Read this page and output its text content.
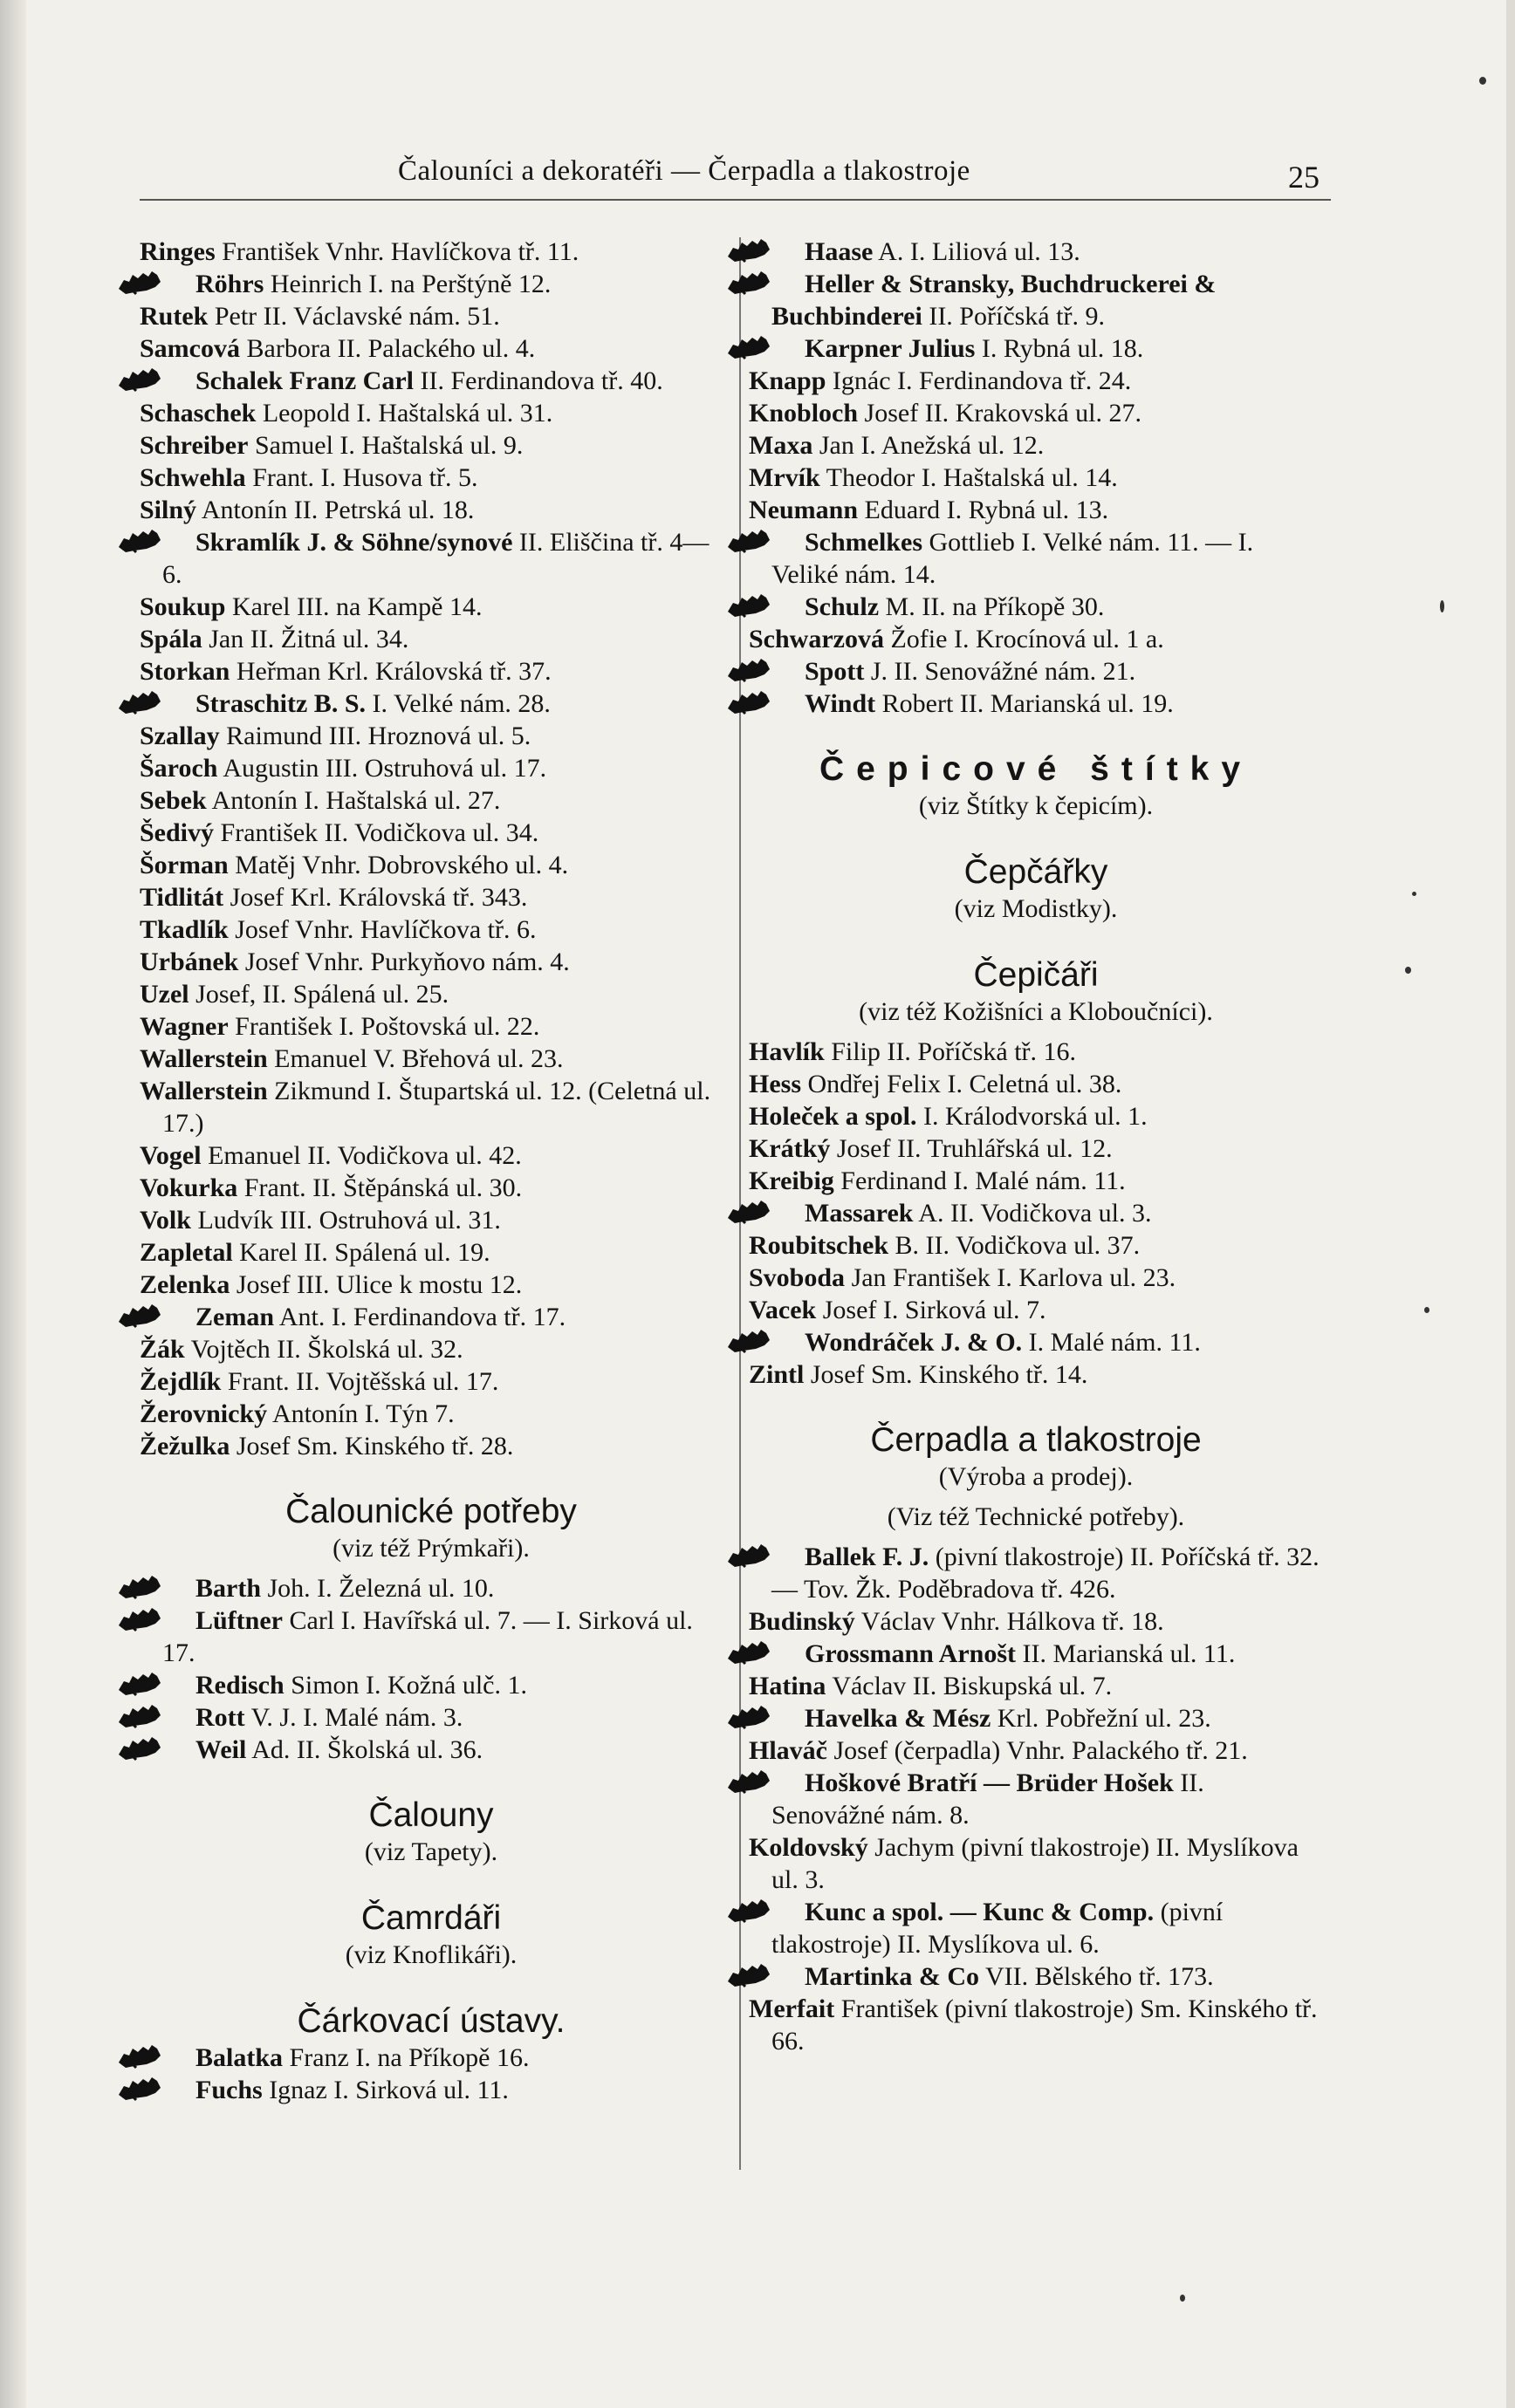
Čalouníci a dekoratéři — Čerpadla a tlakostroje	25
Ringes František Vnhr. Havlíčkova tř. 11.
Röhrs Heinrich I. na Perštýně 12.
Rutek Petr II. Václavské nám. 51.
Samcová Barbora II. Palackého ul. 4.
Schalek Franz Carl II. Ferdinandova tř. 40.
Schaschek Leopold I. Haštalská ul. 31.
Schreiber Samuel I. Haštalská ul. 9.
Schwehla Frant. I. Husova tř. 5.
Silný Antonín II. Petrská ul. 18.
Skramlík J. & Söhne/synové II. Eliščina tř. 4—6.
Soukup Karel III. na Kampě 14.
Spála Jan II. Žitná ul. 34.
Storkan Heřman Krl. Královská tř. 37.
Straschitz B. S. I. Velké nám. 28.
Szallay Raimund III. Hroznová ul. 5.
Šaroch Augustin III. Ostruhová ul. 17.
Sebek Antonín I. Haštalská ul. 27.
Šedivý František II. Vodičkova ul. 34.
Šorman Matěj Vnhr. Dobrovského ul. 4.
Tidlitát Josef Krl. Královská tř. 343.
Tkadlík Josef Vnhr. Havlíčkova tř. 6.
Urbánek Josef Vnhr. Purkyňovo nám. 4.
Uzel Josef, II. Spálená ul. 25.
Wagner František I. Poštovská ul. 22.
Wallerstein Emanuel V. Břehová ul. 23.
Wallerstein Zikmund I. Štupartská ul. 12. (Celetná ul. 17.)
Vogel Emanuel II. Vodičkova ul. 42.
Vokurka Frant. II. Štěpánská ul. 30.
Volk Ludvík III. Ostruhová ul. 31.
Zapletal Karel II. Spálená ul. 19.
Zelenka Josef III. Ulice k mostu 12.
Zeman Ant. I. Ferdinandova tř. 17.
Žák Vojtěch II. Školská ul. 32.
Žejdlík Frant. II. Vojtěšská ul. 17.
Žerovnický Antonín I. Týn 7.
Žežulka Josef Sm. Kinského tř. 28.
Čalounické potřeby
(viz též Prýmkaři).
Barth Joh. I. Železná ul. 10.
Lüftner Carl I. Havířská ul. 7. — I. Sirková ul. 17.
Redisch Simon I. Kožná ulč. 1.
Rott V. J. I. Malé nám. 3.
Weil Ad. II. Školská ul. 36.
Čalouny
(viz Tapety).
Čamrdáři
(viz Knoflikáři).
Čárkovací ústavy.
Balatka Franz I. na Příkopě 16.
Fuchs Ignaz I. Sirková ul. 11.
Haase A. I. Liliová ul. 13.
Heller & Stransky, Buchdruckerei & Buchbinderei II. Poříčská tř. 9.
Karpner Julius I. Rybná ul. 18.
Knapp Ignác I. Ferdinandova tř. 24.
Knobloch Josef II. Krakovská ul. 27.
Maxa Jan I. Anežská ul. 12.
Mrvík Theodor I. Haštalská ul. 14.
Neumann Eduard I. Rybná ul. 13.
Schmelkes Gottlieb I. Velké nám. 11. — I. Veliké nám. 14.
Schulz M. II. na Příkopě 30.
Schwarzová Žofie I. Krocínová ul. 1 a.
Spott J. II. Senovážné nám. 21.
Windt Robert II. Marianská ul. 19.
Čepicové štítky
(viz Štítky k čepicím).
Čepčářky
(viz Modistky).
Čepičáři
(viz též Kožišníci a Kloboučníci).
Havlík Filip II. Poříčská tř. 16.
Hess Ondřej Felix I. Celetná ul. 38.
Holeček a spol. I. Králodvorská ul. 1.
Krátký Josef II. Truhlářská ul. 12.
Kreibig Ferdinand I. Malé nám. 11.
Massarek A. II. Vodičkova ul. 3.
Roubitschek B. II. Vodičkova ul. 37.
Svoboda Jan František I. Karlova ul. 23.
Vacek Josef I. Sirková ul. 7.
Wondráček J. & O. I. Malé nám. 11.
Zintl Josef Sm. Kinského tř. 14.
Čerpadla a tlakostroje
(Výroba a prodej).
(Viz též Technické potřeby).
Ballek F. J. (pivní tlakostroje) II. Poříčská tř. 32. — Tov. Žk. Poděbradova tř. 426.
Budinský Václav Vnhr. Hálkova tř. 18.
Grossmann Arnošt II. Marianská ul. 11.
Hatina Václav II. Biskupská ul. 7.
Havelka & Mész Krl. Pobřežní ul. 23.
Hlaváč Josef (čerpadla) Vnhr. Palackého tř. 21.
Hoškové Bratří — Brüder Hošek II. Senovážné nám. 8.
Koldovský Jachym (pivní tlakostroje) II. Myslíkova ul. 3.
Kunc a spol. — Kunc & Comp. (pivní tlakostroje) II. Myslíkova ul. 6.
Martinka & Co VII. Bělského tř. 173.
Merfait František (pivní tlakostroje) Sm. Kinského tř. 66.
